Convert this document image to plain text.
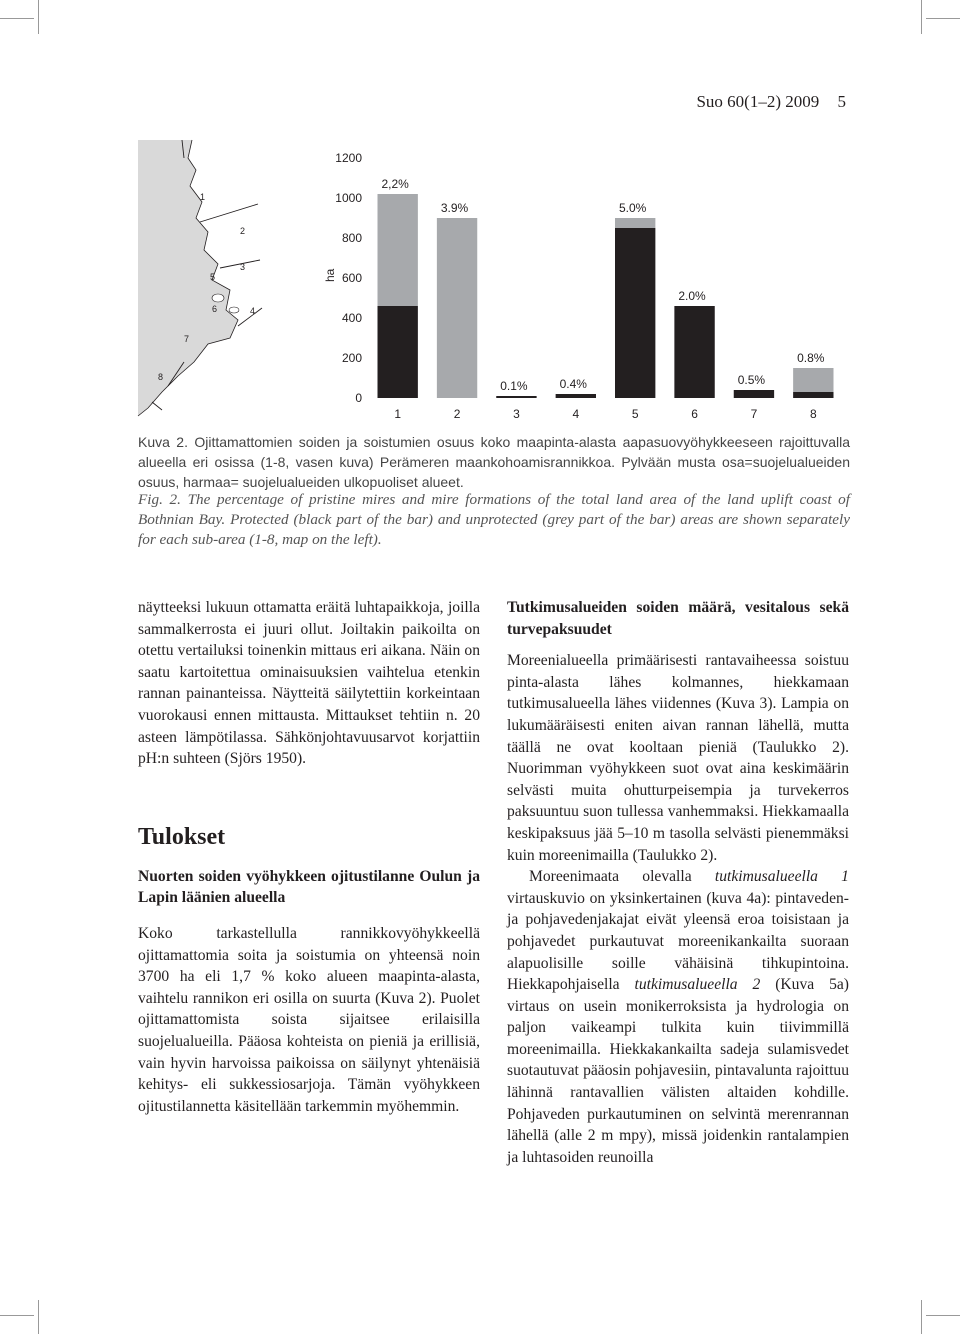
Suo 60(1–2) 2009 5
1
2
3
4
5
6
7
8
ha
0
200
400
600
800
1000
1200
2,2%
3.9%
0.1%	0.4%
5.0%
2.0%
0.5%
0.8%
1	2	3	4	5	6	7	8
Kuva 2. Ojittamattomien soiden ja soistumien osuus koko maapinta-alasta aapasuovyöhykkeeseen rajoittuvalla alueella eri osissa (1-8, vasen kuva) Perämeren maankohoamisrannikkoa. Pylvään musta osa=suojelualueiden osuus, harmaa= suojelualueiden ulkopuoliset alueet.
Fig. 2. The percentage of pristine mires and mire formations of the total land area of the land uplift coast of Bothnian Bay. Protected (black part of the bar) and unprotected (grey part of the bar) areas are shown separately for each sub-area (1-8, map on the left).

näytteeksi lukuun ottamatta eräitä luhtapaikkoja, joilla sammalkerrosta ei juuri ollut. Joiltakin paikoilta on otettu vertailuksi toinenkin mittaus eri aikana. Näin on saatu kartoitettua ominaisuuksien vaihtelua etenkin rannan painanteissa. Näytteitä säilytettiin korkeintaan vuorokausi ennen mittausta. Mittaukset tehtiin n. 20 asteen lämpötilassa. Sähkönjohtavuusarvot korjattiin pH:n suhteen (Sjörs 1950).

Tulokset
Nuorten soiden vyöhykkeen ojitustilanne Oulun ja Lapin läänien alueella

Koko tarkastellulla rannikkovyöhykkeellä ojittamattomia soita ja soistumia on yhteensä noin 3700 ha eli 1,7 % koko alueen maapinta-alasta, vaihtelu rannikon eri osilla on suurta (Kuva 2). Puolet ojittamattomista soista sijaitsee erilaisilla suojelualueilla. Pääosa kohteista on pieniä ja erillisiä, vain hyvin harvoissa paikoissa on säilynyt yhtenäisiä kehitys- eli sukkessiosarjoja. Tämän vyöhykkeen ojitustilannetta käsitellään tarkemmin myöhemmin.

Tutkimusalueiden soiden määrä, vesitalous sekä turvepaksuudet

Moreenialueella primäärisesti rantavaiheessa soistuu pinta-alasta lähes kolmannes, hiekkamaan tutkimusalueella lähes viidennes (Kuva 3). Lampia on lukumääräisesti eniten aivan rannan lähellä, mutta täällä ne ovat kooltaan pieniä (Taulukko 2). Nuorimman vyöhykkeen suot ovat aina keskimäärin selvästi muita ohutturpeisempia ja turvekerros paksuuntuu suon tullessa vanhemmaksi. Hiekkamaalla keskipaksuus jää 5–10 m tasolla selvästi pienemmäksi kuin moreenimailla (Taulukko 2).

Moreenimaata olevalla tutkimusalueella 1 virtauskuvio on yksinkertainen (kuva 4a): pintaveden- ja pohjavedenjakajat eivät yleensä eroa toisistaan ja pohjavedet purkautuvat moreenikankailta suoraan alapuolisille soille vähäisinä tihkupintoina. Hiekkapohjaisella tutkimusalueella 2 (Kuva 5a) virtaus on usein monikerroksista ja hydrologia on paljon vaikeampi tulkita kuin tiivimmillä moreenimailla. Hiekkakankailta sadeja sulamisvedet suotautuvat pääosin pohjavesiin, pintavalunta rajoittuu lähinnä rantavallien välisten altaiden kohdille. Pohjaveden purkautuminen on selvintä merenrannan lähellä (alle 2 m mpy), missä joidenkin rantalampien ja luhtasoiden reunoilla
